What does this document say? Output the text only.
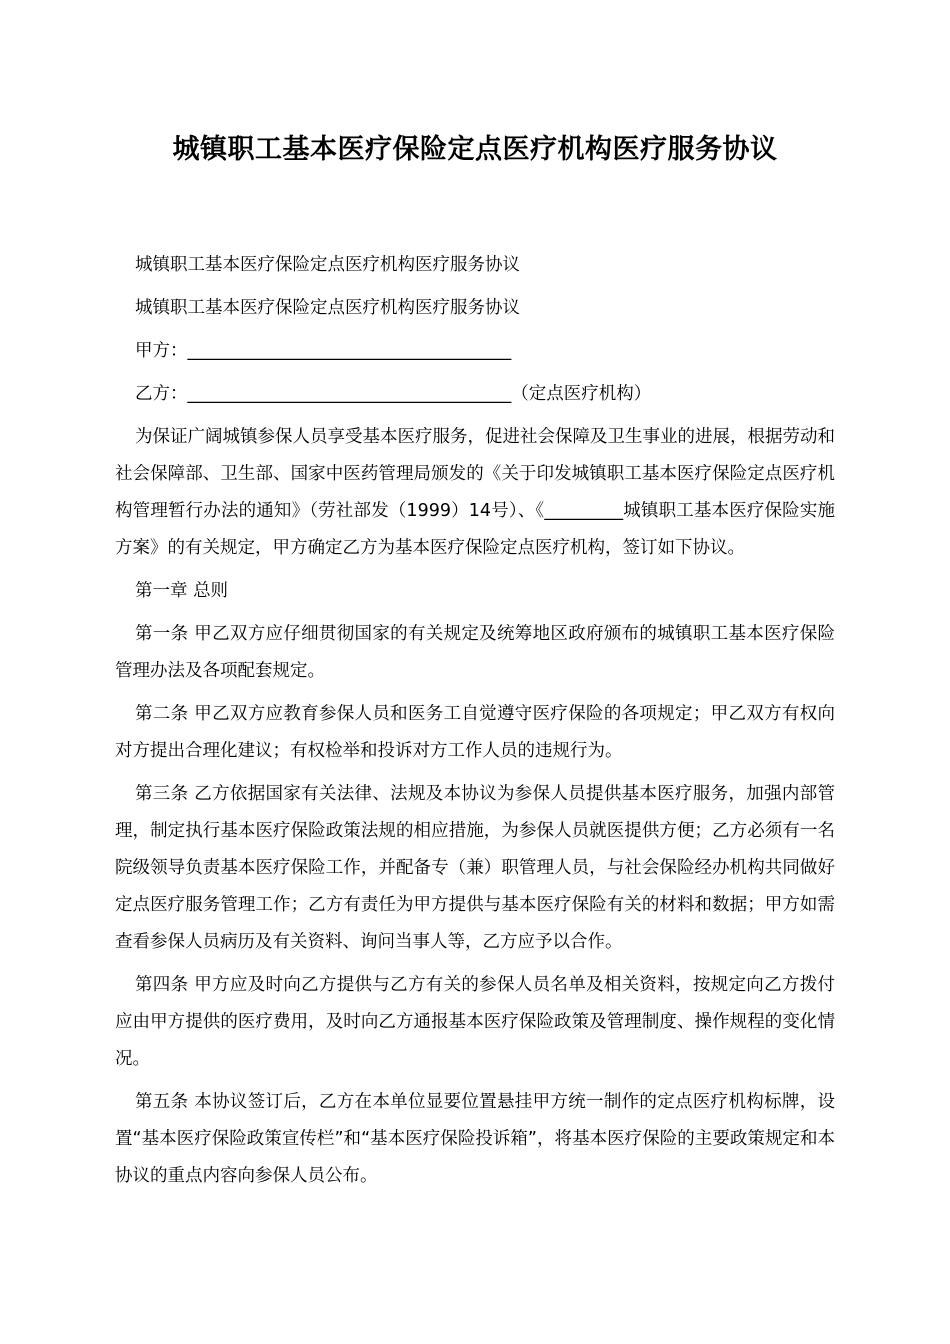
城镇职工基本医疗保险定点医疗机构医疗服务协议

城镇职工基本医疗保险定点医疗机构医疗服务协议

城镇职工基本医疗保险定点医疗机构医疗服务协议

甲方：_____________________________________

乙方：_____________________________________（定点医疗机构）

为保证广阔城镇参保人员享受基本医疗服务，促进社会保障及卫生事业的进展，根据劳动和社会保障部、卫生部、国家中医药管理局颁发的《关于印发城镇职工基本医疗保险定点医疗机构管理暂行办法的通知》（劳社部发（1999）14号）、《_________城镇职工基本医疗保险实施方案》的有关规定，甲方确定乙方为基本医疗保险定点医疗机构，签订如下协议。

第一章 总则

第一条 甲乙双方应仔细贯彻国家的有关规定及统筹地区政府颁布的城镇职工基本医疗保险管理办法及各项配套规定。

第二条 甲乙双方应教育参保人员和医务工自觉遵守医疗保险的各项规定；甲乙双方有权向对方提出合理化建议；有权检举和投诉对方工作人员的违规行为。

第三条 乙方依据国家有关法律、法规及本协议为参保人员提供基本医疗服务，加强内部管理，制定执行基本医疗保险政策法规的相应措施，为参保人员就医提供方便；乙方必须有一名院级领导负责基本医疗保险工作，并配备专（兼）职管理人员，与社会保险经办机构共同做好定点医疗服务管理工作；乙方有责任为甲方提供与基本医疗保险有关的材料和数据；甲方如需查看参保人员病历及有关资料、询问当事人等，乙方应予以合作。

第四条 甲方应及时向乙方提供与乙方有关的参保人员名单及相关资料，按规定向乙方拨付应由甲方提供的医疗费用，及时向乙方通报基本医疗保险政策及管理制度、操作规程的变化情况。

第五条 本协议签订后，乙方在本单位显要位置悬挂甲方统一制作的定点医疗机构标牌，设置“基本医疗保险政策宣传栏”和“基本医疗保险投诉箱”，将基本医疗保险的主要政策规定和本协议的重点内容向参保人员公布。
